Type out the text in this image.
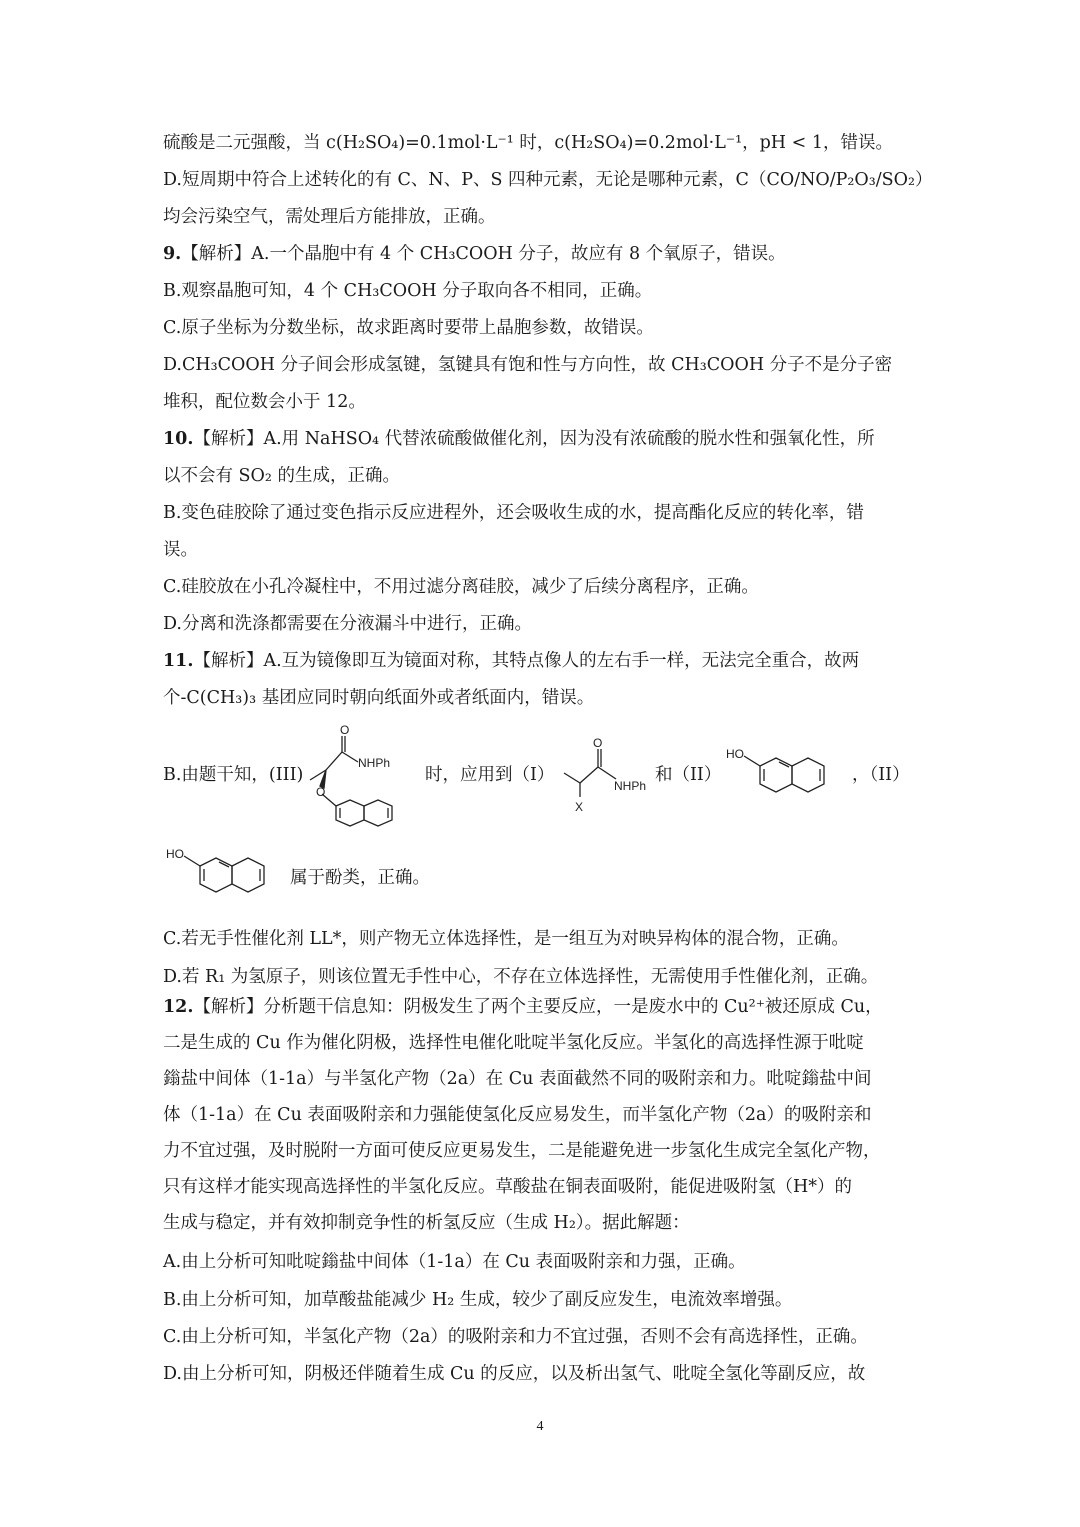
硫酸是二元强酸，当 c(H₂SO₄)=0.1mol·L⁻¹ 时，c(H₂SO₄)=0.2mol·L⁻¹，pH < 1，错误。

D.短周期中符合上述转化的有 C、N、P、S 四种元素，无论是哪种元素，C（CO/NO/P₂O₃/SO₂）

均会污染空气，需处理后方能排放，正确。

9.【解析】A.一个晶胞中有 4 个 CH₃COOH 分子，故应有 8 个氧原子，错误。

B.观察晶胞可知，4 个 CH₃COOH 分子取向各不相同，正确。

C.原子坐标为分数坐标，故求距离时要带上晶胞参数，故错误。

D.CH₃COOH 分子间会形成氢键，氢键具有饱和性与方向性，故 CH₃COOH 分子不是分子密

堆积，配位数会小于 12。

10.【解析】A.用 NaHSO₄ 代替浓硫酸做催化剂，因为没有浓硫酸的脱水性和强氧化性，所

以不会有 SO₂ 的生成，正确。

B.变色硅胶除了通过变色指示反应进程外，还会吸收生成的水，提高酯化反应的转化率，错

误。

C.硅胶放在小孔冷凝柱中，不用过滤分离硅胶，减少了后续分离程序，正确。

D.分离和洗涤都需要在分液漏斗中进行，正确。

11.【解析】A.互为镜像即互为镜面对称，其特点像人的左右手一样，无法完全重合，故两

个-C(CH₃)₃ 基团应同时朝向纸面外或者纸面内，错误。

B.由题干知，(III)
O
NHPh
O
时，应用到（I）
O
NHPh
X
和（II）
HO
，（II）
HO
属于酚类，正确。

C.若无手性催化剂 LL*，则产物无立体选择性，是一组互为对映异构体的混合物，正确。

D.若 R₁ 为氢原子，则该位置无手性中心，不存在立体选择性，无需使用手性催化剂，正确。

12.【解析】分析题干信息知：阴极发生了两个主要反应，一是废水中的 Cu²⁺被还原成 Cu，

二是生成的 Cu 作为催化阴极，选择性电催化吡啶半氢化反应。半氢化的高选择性源于吡啶

鎓盐中间体（1-1a）与半氢化产物（2a）在 Cu 表面截然不同的吸附亲和力。吡啶鎓盐中间

体（1-1a）在 Cu 表面吸附亲和力强能使氢化反应易发生，而半氢化产物（2a）的吸附亲和

力不宜过强，及时脱附一方面可使反应更易发生，二是能避免进一步氢化生成完全氢化产物，

只有这样才能实现高选择性的半氢化反应。草酸盐在铜表面吸附，能促进吸附氢（H*）的

生成与稳定，并有效抑制竞争性的析氢反应（生成 H₂）。据此解题：

A.由上分析可知吡啶鎓盐中间体（1-1a）在 Cu 表面吸附亲和力强，正确。

B.由上分析可知，加草酸盐能减少 H₂ 生成，较少了副反应发生，电流效率增强。

C.由上分析可知，半氢化产物（2a）的吸附亲和力不宜过强，否则不会有高选择性，正确。

D.由上分析可知，阴极还伴随着生成 Cu 的反应，以及析出氢气、吡啶全氢化等副反应，故

4
